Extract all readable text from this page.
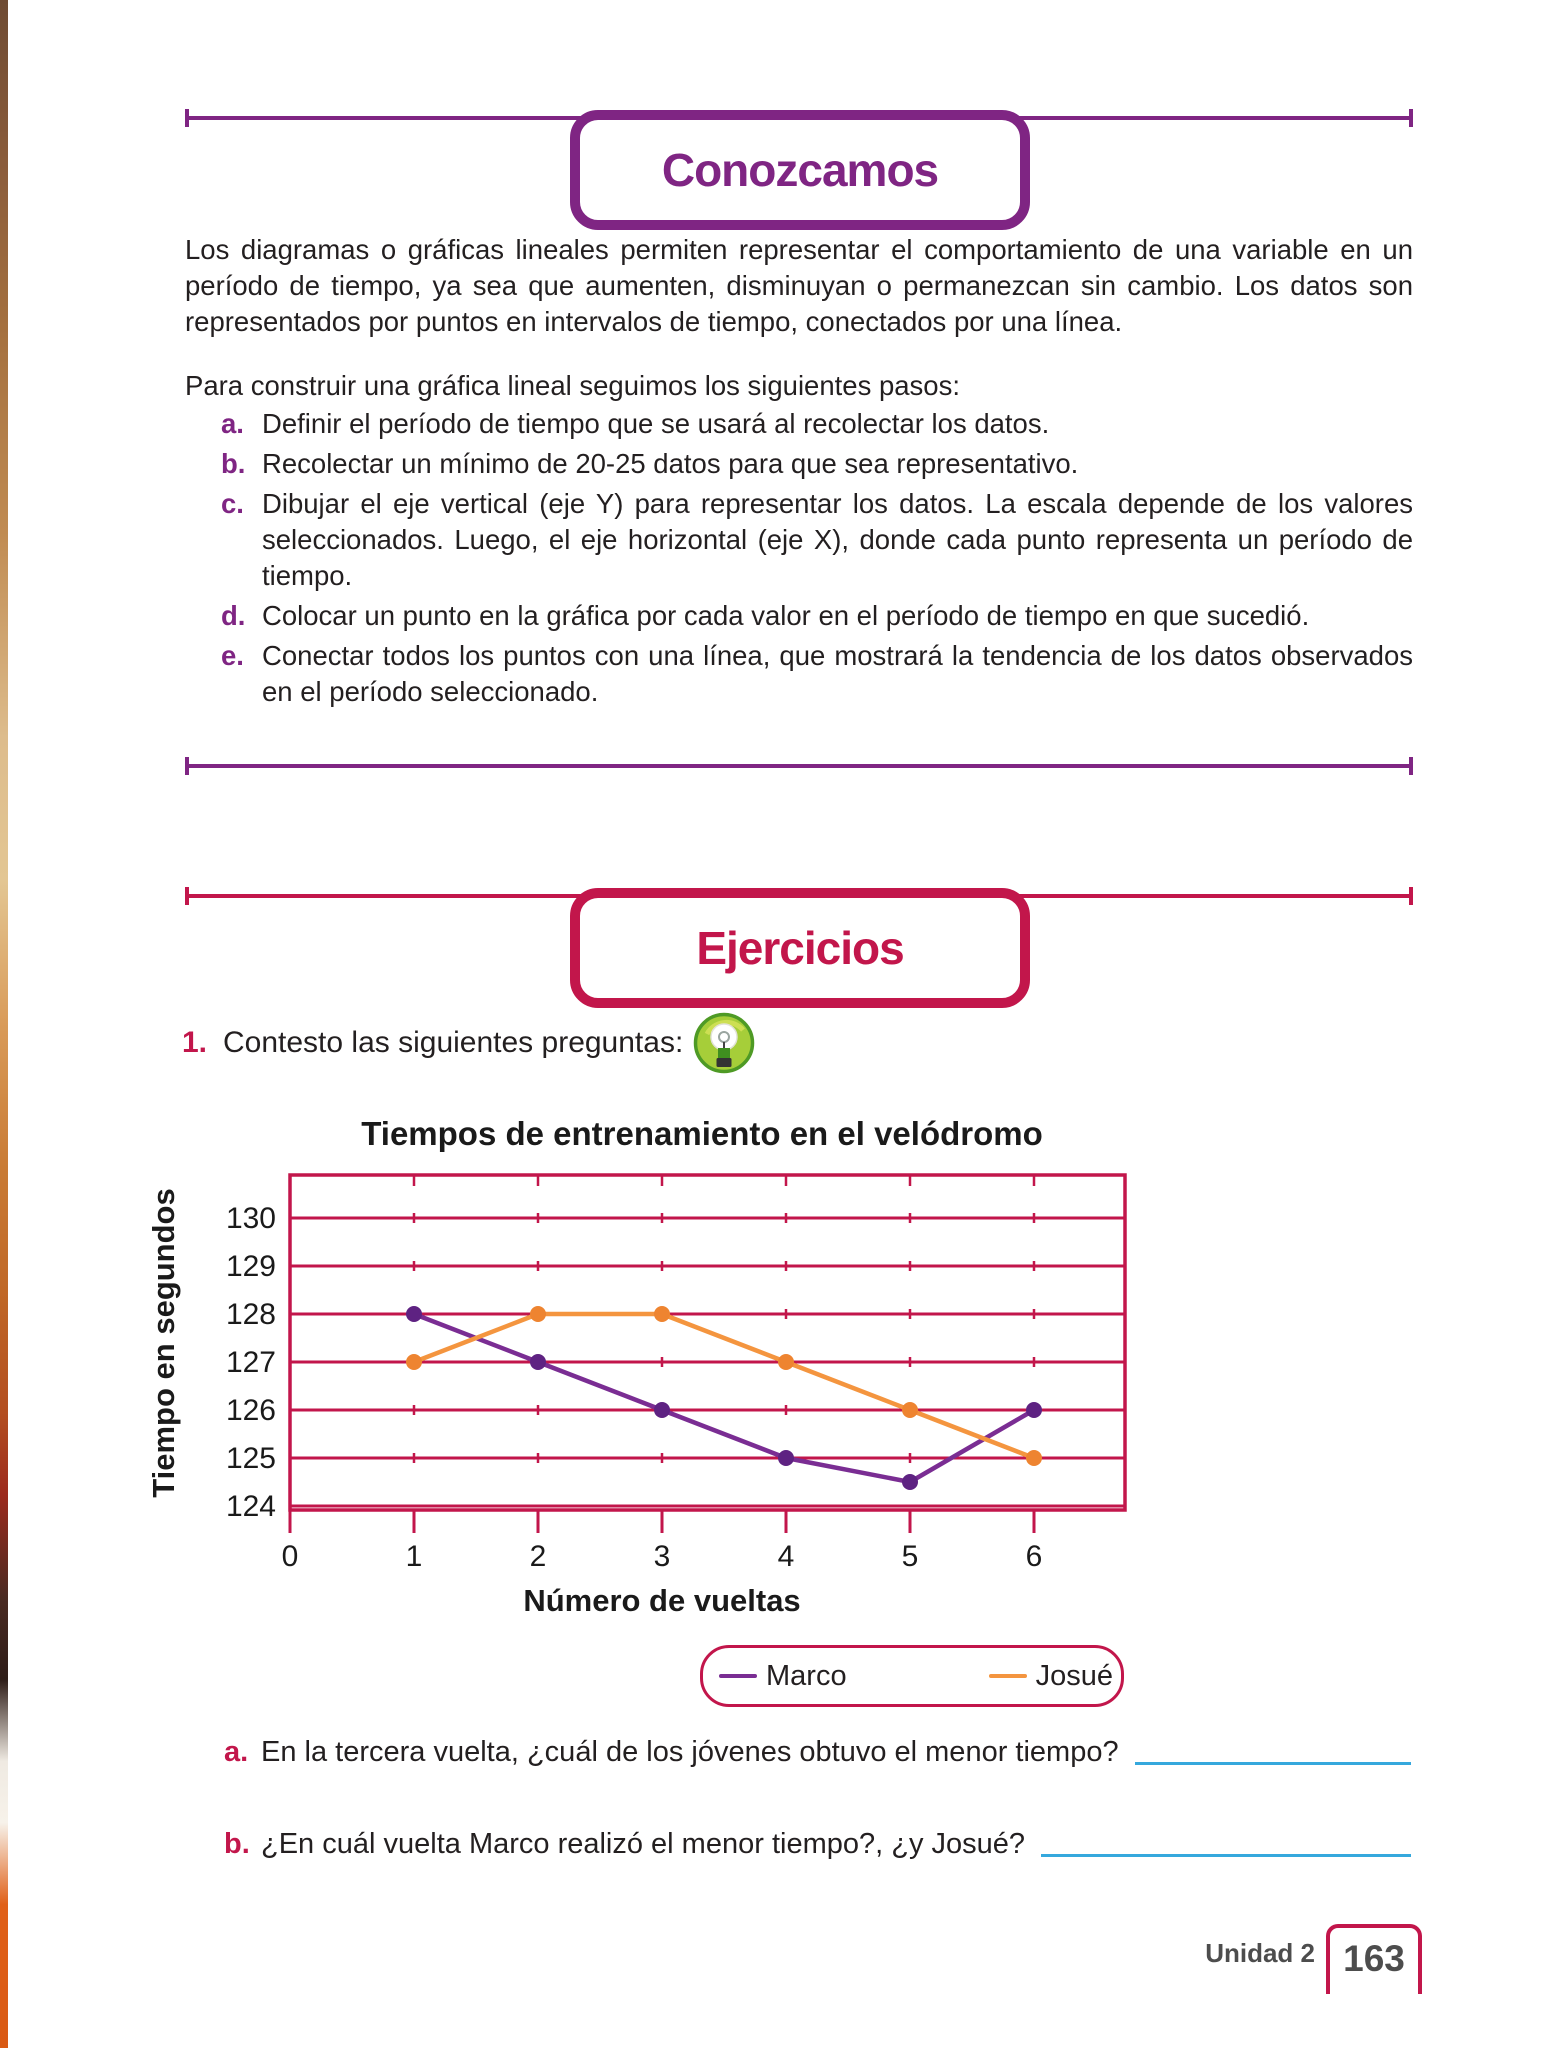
Conozcamos
Los diagramas o gráficas lineales permiten representar el comportamiento de una variable en un período de tiempo, ya sea que aumenten, disminuyan o permanezcan sin cambio. Los datos son representados por puntos en intervalos de tiempo, conectados por una línea.
Para construir una gráfica lineal seguimos los siguientes pasos:
a. Definir el período de tiempo que se usará al recolectar los datos.
b. Recolectar un mínimo de 20-25 datos para que sea representativo.
c. Dibujar el eje vertical (eje Y) para representar los datos. La escala depende de los valores seleccionados. Luego, el eje horizontal (eje X), donde cada punto representa un período de tiempo.
d. Colocar un punto en la gráfica por cada valor en el período de tiempo en que sucedió.
e. Conectar todos los puntos con una línea, que mostrará la tendencia de los datos observados en el período seleccionado.
Ejercicios
1. Contesto las siguientes preguntas:
Tiempos de entrenamiento en el velódromo
Tiempo en segundos
Número de vueltas
124
125
126
127
128
129
130
0	1	2	3	4	5	6
Marco	Josué
a. En la tercera vuelta, ¿cuál de los jóvenes obtuvo el menor tiempo?
b. ¿En cuál vuelta Marco realizó el menor tiempo?, ¿y Josué?
Unidad 2 163
